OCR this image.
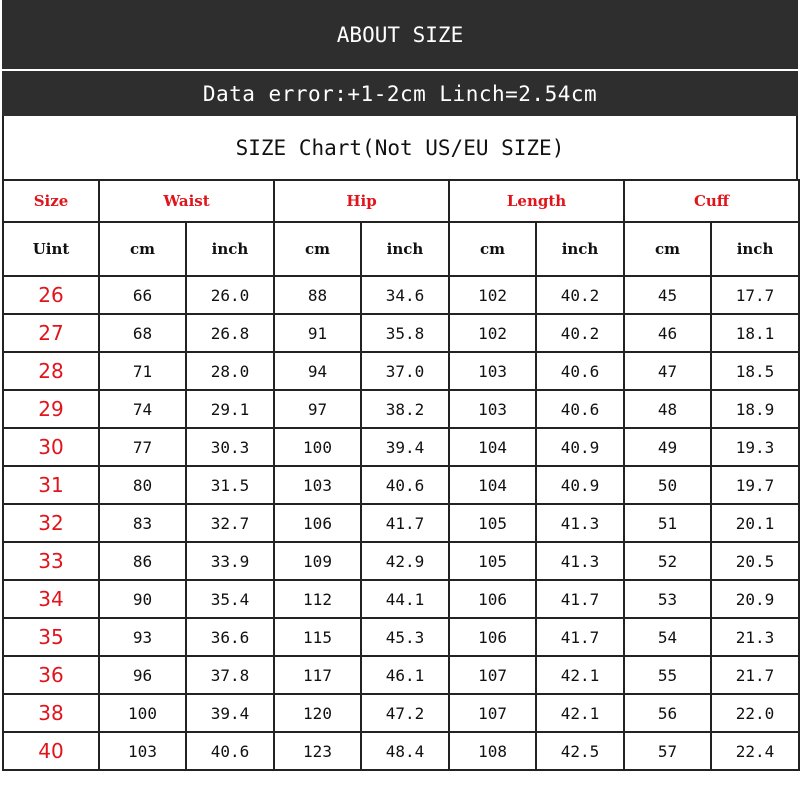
ABOUT SIZE
Data error:+1-2cm Linch=2.54cm
SIZE Chart(Not US/EU SIZE)
Size	Waist		Hip		Length		Cuff	
Uint	cm	inch	cm	inch	cm	inch	cm	inch
26	66	26.0	88	34.6	102	40.2	45	17.7
27	68	26.8	91	35.8	102	40.2	46	18.1
28	71	28.0	94	37.0	103	40.6	47	18.5
29	74	29.1	97	38.2	103	40.6	48	18.9
30	77	30.3	100	39.4	104	40.9	49	19.3
31	80	31.5	103	40.6	104	40.9	50	19.7
32	83	32.7	106	41.7	105	41.3	51	20.1
33	86	33.9	109	42.9	105	41.3	52	20.5
34	90	35.4	112	44.1	106	41.7	53	20.9
35	93	36.6	115	45.3	106	41.7	54	21.3
36	96	37.8	117	46.1	107	42.1	55	21.7
38	100	39.4	120	47.2	107	42.1	56	22.0
40	103	40.6	123	48.4	108	42.5	57	22.4
